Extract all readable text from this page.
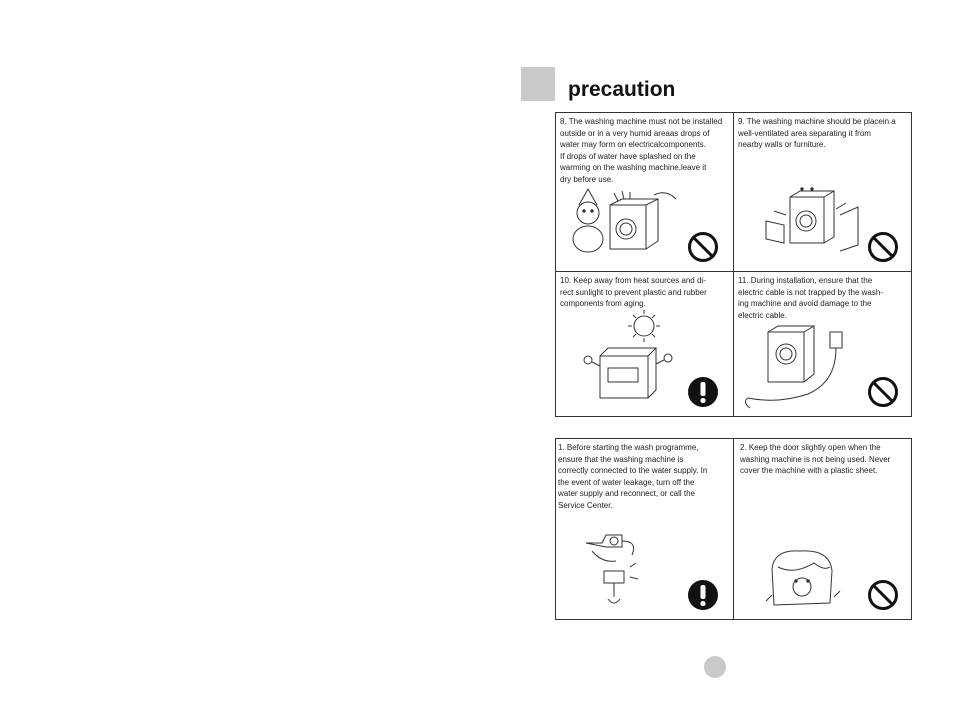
precaution
8. The washing machine must not be installed
outside or in a very humid areaas drops of
water may form on electricalcomponents.
If drops of water have splashed on the
warming on the washing machine,leave it
dry before use.
9. The washing machine should be placein a
well-ventilated area separating it from
nearby walls or furniture.
10. Keep away from heat sources and di-
rect sunlight to prevent plastic and rubber
components from aging.
11. During installation, ensure that the
electric cable is not trapped by the wash-
ing machine and avoid damage to the
electric cable.
1. Before starting the wash programme,
ensure that the washing machine is
correctly connected to the water supply. In
the event of water leakage, turn off the
water supply and reconnect, or call the
Service Center.
2. Keep the door slightly open when the
washing machine is not being used. Never
cover the machine with a plastic sheet.
